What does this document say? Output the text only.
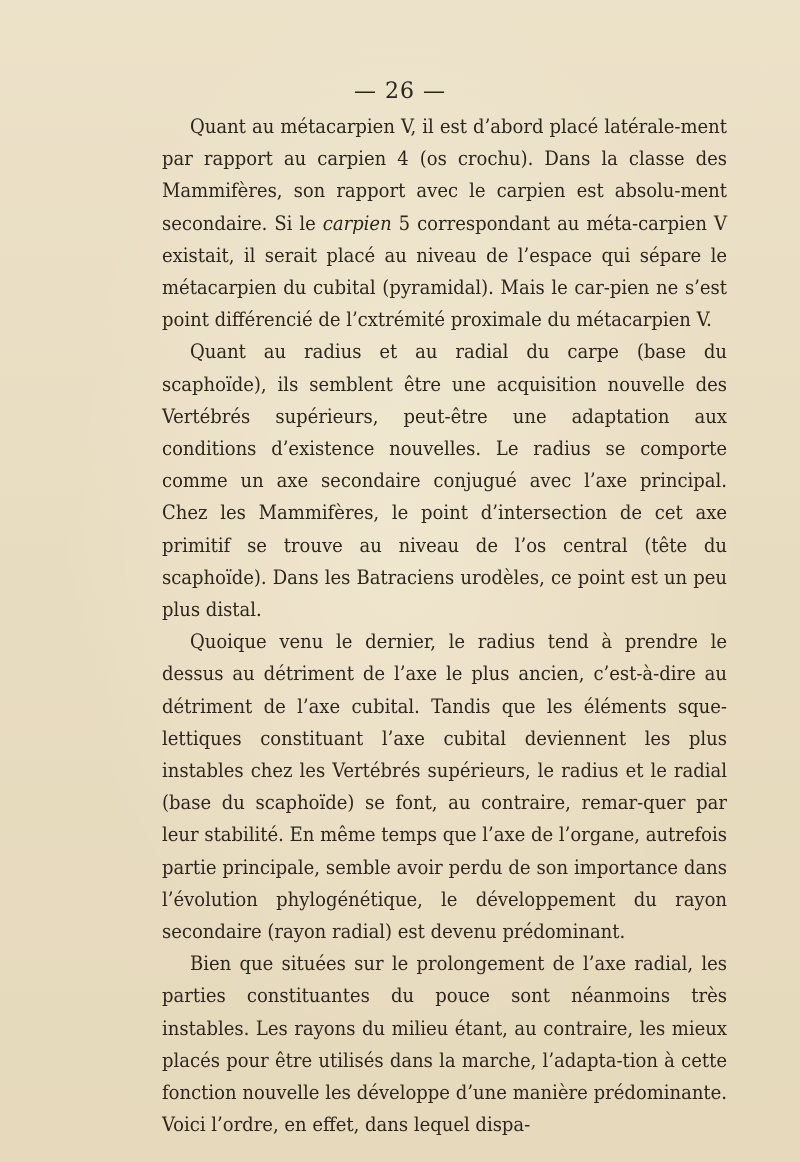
— 26 —

Quant au métacarpien V, il est d’abord placé latérale-ment par rapport au carpien 4 (os crochu). Dans la classe des Mammifères, son rapport avec le carpien est absolu-ment secondaire. Si le carpien 5 correspondant au méta-carpien V existait, il serait placé au niveau de l’espace qui sépare le métacarpien du cubital (pyramidal). Mais le car-pien ne s’est point différencié de l’cxtrémité proximale du métacarpien V.

Quant au radius et au radial du carpe (base du scaphoïde), ils semblent être une acquisition nouvelle des Vertébrés supérieurs, peut-être une adaptation aux conditions d’existence nouvelles. Le radius se comporte comme un axe secondaire conjugué avec l’axe principal. Chez les Mammifères, le point d’intersection de cet axe primitif se trouve au niveau de l’os central (tête du scaphoïde). Dans les Batraciens urodèles, ce point est un peu plus distal.

Quoique venu le dernier, le radius tend à prendre le dessus au détriment de l’axe le plus ancien, c’est-à-dire au détriment de l’axe cubital. Tandis que les éléments sque-lettiques constituant l’axe cubital deviennent les plus instables chez les Vertébrés supérieurs, le radius et le radial (base du scaphoïde) se font, au contraire, remar-quer par leur stabilité. En même temps que l’axe de l’organe, autrefois partie principale, semble avoir perdu de son importance dans l’évolution phylogénétique, le développement du rayon secondaire (rayon radial) est devenu prédominant.

Bien que situées sur le prolongement de l’axe radial, les parties constituantes du pouce sont néanmoins très instables. Les rayons du milieu étant, au contraire, les mieux placés pour être utilisés dans la marche, l’adapta-tion à cette fonction nouvelle les développe d’une manière prédominante. Voici l’ordre, en effet, dans lequel dispa-
